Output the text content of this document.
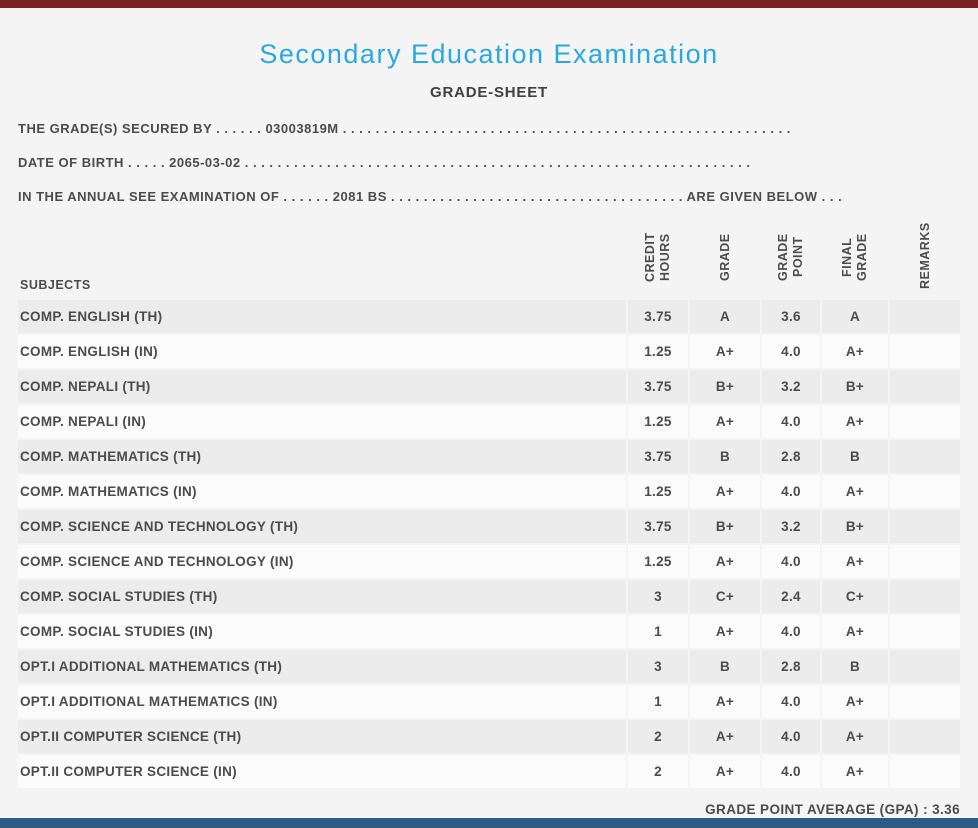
Secondary Education Examination
GRADE-SHEET
THE GRADE(S) SECURED BY . . . . . . 03003819M . . . . . . . . . . . . . . . . . . . . . . . . . . . . . . . . . . . . . . . . . . . . . . . . . . . . . . .
DATE OF BIRTH . . . . . 2065-03-02 . . . . . . . . . . . . . . . . . . . . . . . . . . . . . . . . . . . . . . . . . . . . . . . . . . . . . . . . . . . . . .
IN THE ANNUAL SEE EXAMINATION OF . . . . . . 2081 BS . . . . . . . . . . . . . . . . . . . . . . . . . . . . . . . . . . . . ARE GIVEN BELOW . . .
SUBJECTS	CREDIT HOURS	GRADE	GRADE POINT	FINAL GRADE	REMARKS
COMP. ENGLISH (TH)	3.75	A	3.6	A	
COMP. ENGLISH (IN)	1.25	A+	4.0	A+	
COMP. NEPALI (TH)	3.75	B+	3.2	B+	
COMP. NEPALI (IN)	1.25	A+	4.0	A+	
COMP. MATHEMATICS (TH)	3.75	B	2.8	B	
COMP. MATHEMATICS (IN)	1.25	A+	4.0	A+	
COMP. SCIENCE AND TECHNOLOGY (TH)	3.75	B+	3.2	B+	
COMP. SCIENCE AND TECHNOLOGY (IN)	1.25	A+	4.0	A+	
COMP. SOCIAL STUDIES (TH)	3	C+	2.4	C+	
COMP. SOCIAL STUDIES (IN)	1	A+	4.0	A+	
OPT.I ADDITIONAL MATHEMATICS (TH)	3	B	2.8	B	
OPT.I ADDITIONAL MATHEMATICS (IN)	1	A+	4.0	A+	
OPT.II COMPUTER SCIENCE (TH)	2	A+	4.0	A+	
OPT.II COMPUTER SCIENCE (IN)	2	A+	4.0	A+	
GRADE POINT AVERAGE (GPA) : 3.36
